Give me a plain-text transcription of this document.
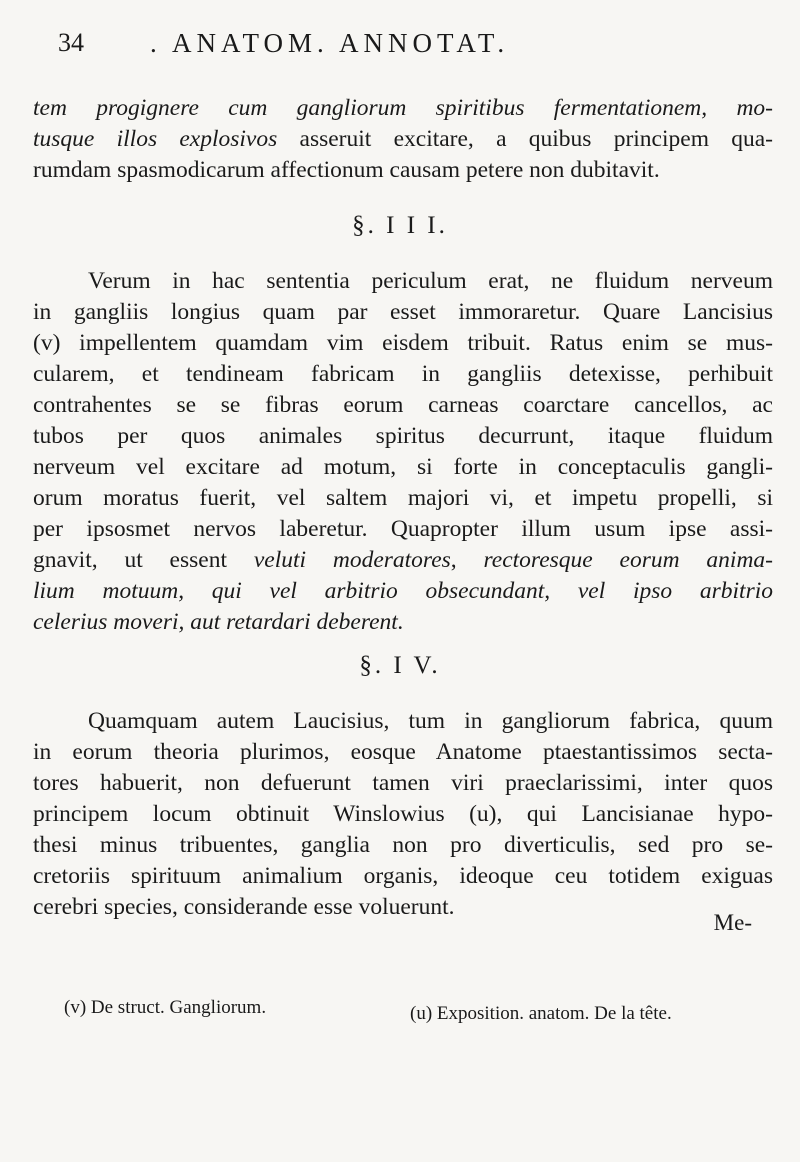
34 . ANATOM. ANNOTAT.
tem progignere cum gangliorum spiritibus fermentationem, mo-
tusque illos explosivos asseruit excitare, a quibus principem qua-
rumdam spasmodicarum affectionum causam petere non dubitavit.
§. I I I.
Verum in hac sententia periculum erat, ne fluidum nerveum
in gangliis longius quam par esset immoraretur. Quare Lancisius
(v) impellentem quamdam vim eisdem tribuit. Ratus enim se mus-
cularem, et tendineam fabricam in gangliis detexisse, perhibuit
contrahentes se se fibras eorum carneas coarctare cancellos, ac
tubos per quos animales spiritus decurrunt, itaque fluidum
nerveum vel excitare ad motum, si forte in conceptaculis gangli-
orum moratus fuerit, vel saltem majori vi, et impetu propelli, si
per ipsosmet nervos laberetur. Quapropter illum usum ipse assi-
gnavit, ut essent veluti moderatores, rectoresque eorum anima-
lium motuum, qui vel arbitrio obsecundant, vel ipso arbitrio
celerius moveri, aut retardari deberent.
§. I V.
Quamquam autem Laucisius, tum in gangliorum fabrica, quum
in eorum theoria plurimos, eosque Anatome ptaestantissimos secta-
tores habuerit, non defuerunt tamen viri praeclarissimi, inter quos
principem locum obtinuit Winslowius (u), qui Lancisianae hypo-
thesi minus tribuentes, ganglia non pro diverticulis, sed pro se-
cretoriis spirituum animalium organis, ideoque ceu totidem exiguas
cerebri species, considerande esse voluerunt.
Me-
(v) De struct. Gangliorum.	(u) Exposition. anatom. De la tête.
